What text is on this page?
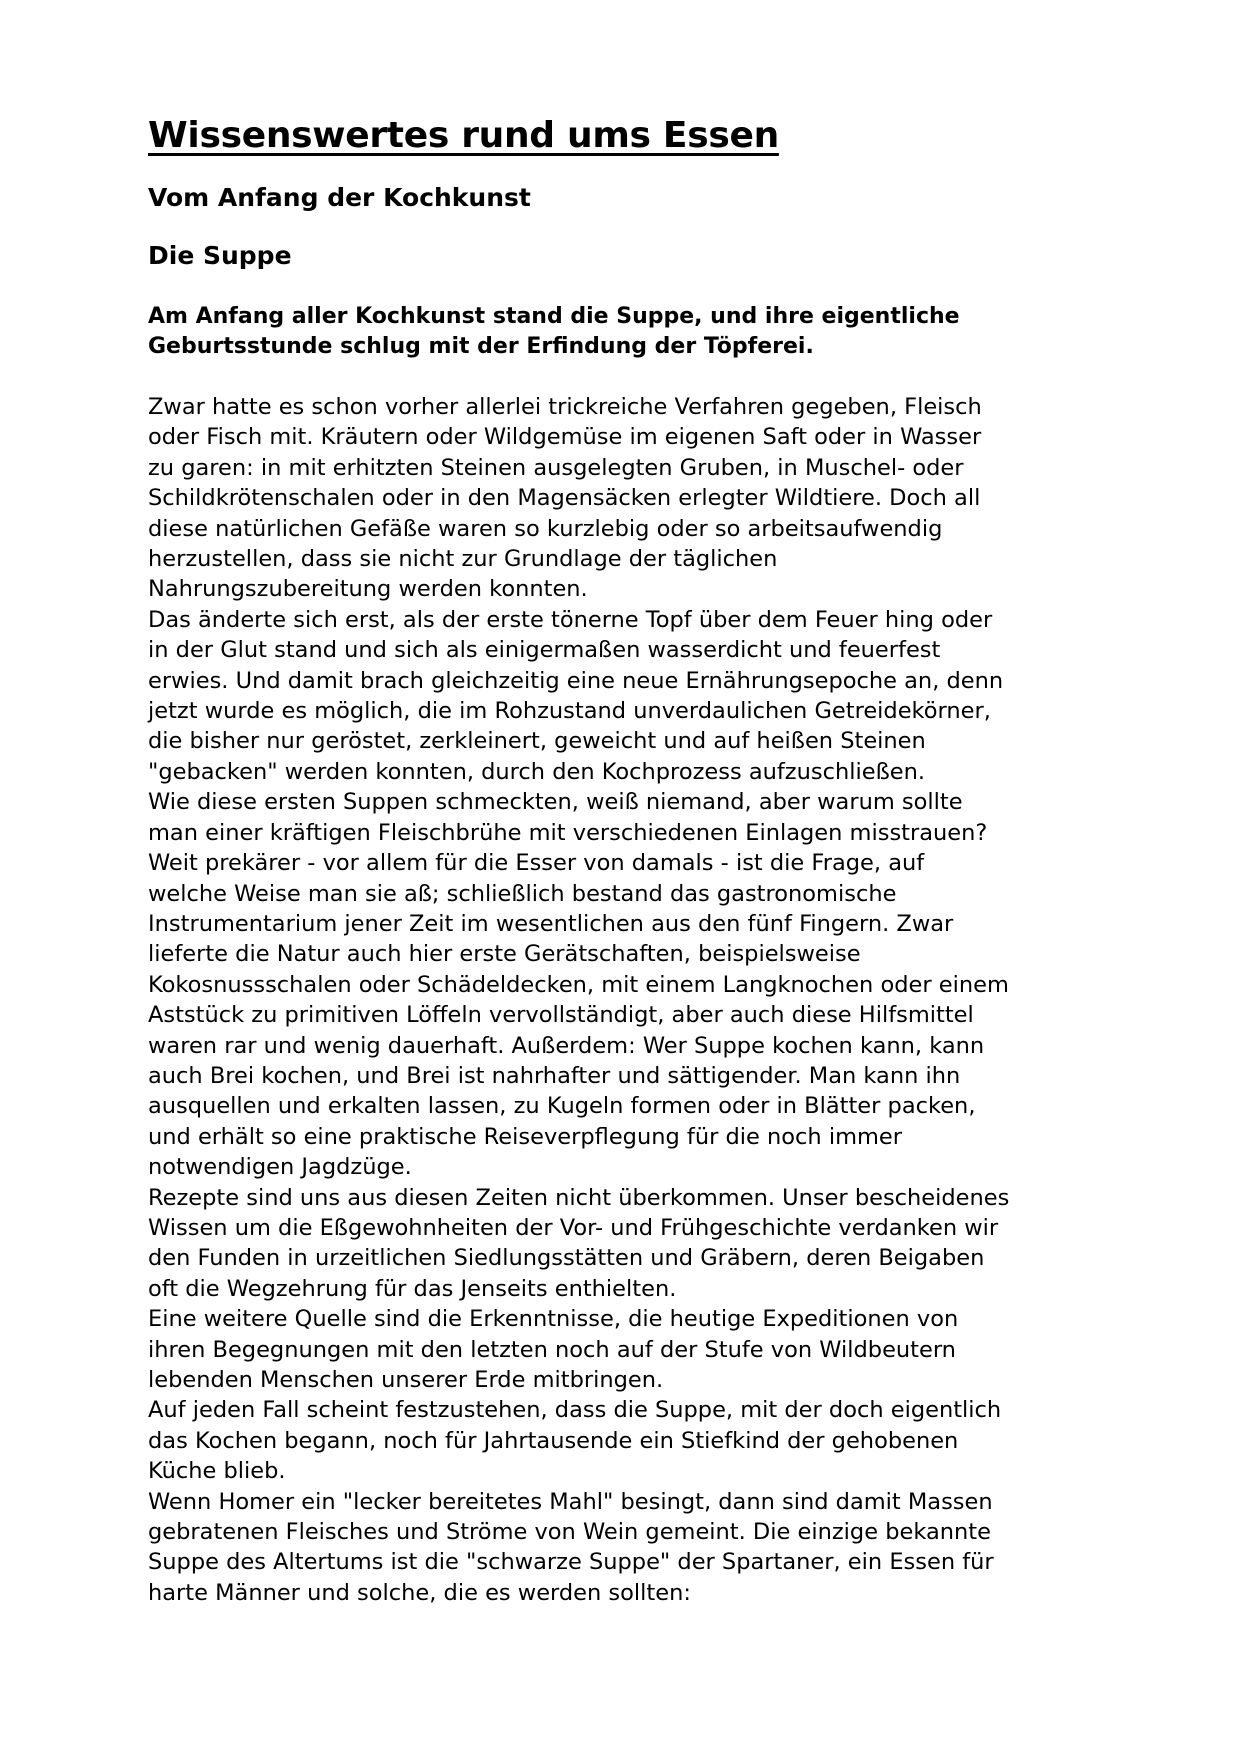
Wissenswertes rund ums Essen
Vom Anfang der Kochkunst
Die Suppe

Am Anfang aller Kochkunst stand die Suppe, und ihre eigentliche
Geburtsstunde schlug mit der Erfindung der Töpferei.

Zwar hatte es schon vorher allerlei trickreiche Verfahren gegeben, Fleisch
oder Fisch mit. Kräutern oder Wildgemüse im eigenen Saft oder in Wasser
zu garen: in mit erhitzten Steinen ausgelegten Gruben, in Muschel- oder
Schildkrötenschalen oder in den Magensäcken erlegter Wildtiere. Doch all
diese natürlichen Gefäße waren so kurzlebig oder so arbeitsaufwendig
herzustellen, dass sie nicht zur Grundlage der täglichen
Nahrungszubereitung werden konnten.
Das änderte sich erst, als der erste tönerne Topf über dem Feuer hing oder
in der Glut stand und sich als einigermaßen wasserdicht und feuerfest
erwies. Und damit brach gleichzeitig eine neue Ernährungsepoche an, denn
jetzt wurde es möglich, die im Rohzustand unverdaulichen Getreidekörner,
die bisher nur geröstet, zerkleinert, geweicht und auf heißen Steinen
"gebacken" werden konnten, durch den Kochprozess aufzuschließen.
Wie diese ersten Suppen schmeckten, weiß niemand, aber warum sollte
man einer kräftigen Fleischbrühe mit verschiedenen Einlagen misstrauen?
Weit prekärer - vor allem für die Esser von damals - ist die Frage, auf
welche Weise man sie aß; schließlich bestand das gastronomische
Instrumentarium jener Zeit im wesentlichen aus den fünf Fingern. Zwar
lieferte die Natur auch hier erste Gerätschaften, beispielsweise
Kokosnussschalen oder Schädeldecken, mit einem Langknochen oder einem
Aststück zu primitiven Löffeln vervollständigt, aber auch diese Hilfsmittel
waren rar und wenig dauerhaft. Außerdem: Wer Suppe kochen kann, kann
auch Brei kochen, und Brei ist nahrhafter und sättigender. Man kann ihn
ausquellen und erkalten lassen, zu Kugeln formen oder in Blätter packen,
und erhält so eine praktische Reiseverpflegung für die noch immer
notwendigen Jagdzüge.
Rezepte sind uns aus diesen Zeiten nicht überkommen. Unser bescheidenes
Wissen um die Eßgewohnheiten der Vor- und Frühgeschichte verdanken wir
den Funden in urzeitlichen Siedlungsstätten und Gräbern, deren Beigaben
oft die Wegzehrung für das Jenseits enthielten.
Eine weitere Quelle sind die Erkenntnisse, die heutige Expeditionen von
ihren Begegnungen mit den letzten noch auf der Stufe von Wildbeutern
lebenden Menschen unserer Erde mitbringen.
Auf jeden Fall scheint festzustehen, dass die Suppe, mit der doch eigentlich
das Kochen begann, noch für Jahrtausende ein Stiefkind der gehobenen
Küche blieb.
Wenn Homer ein "lecker bereitetes Mahl" besingt, dann sind damit Massen
gebratenen Fleisches und Ströme von Wein gemeint. Die einzige bekannte
Suppe des Altertums ist die "schwarze Suppe" der Spartaner, ein Essen für
harte Männer und solche, die es werden sollten:
